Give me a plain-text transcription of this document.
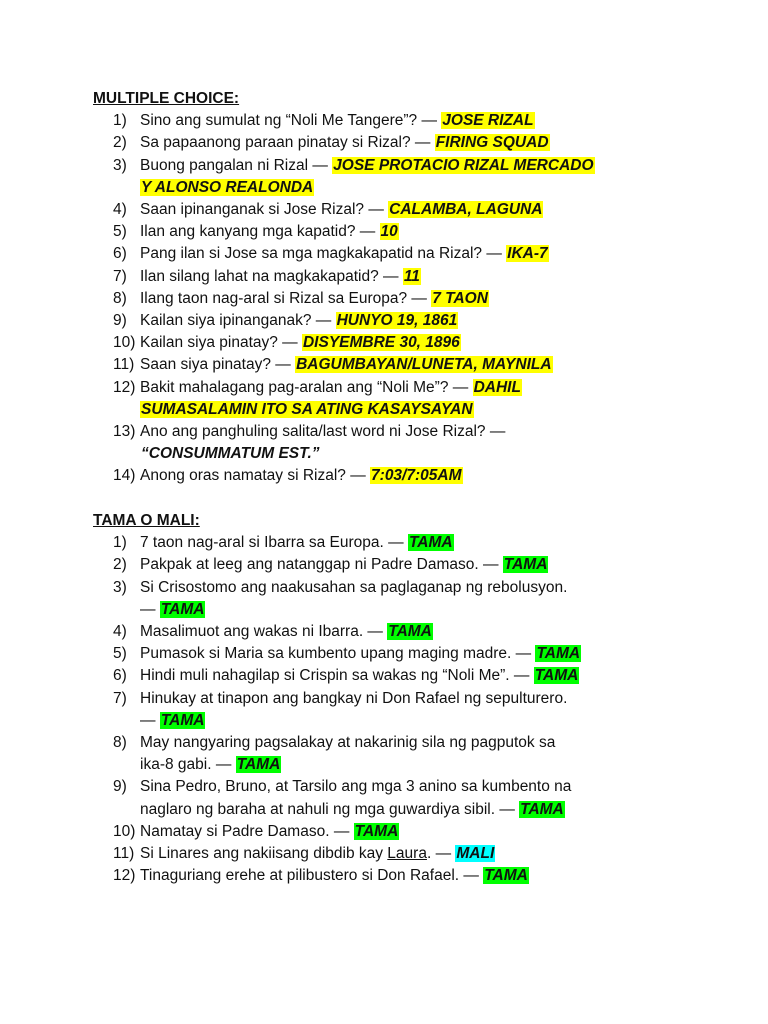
MULTIPLE CHOICE:
1) Sino ang sumulat ng “Noli Me Tangere”? — JOSE RIZAL
2) Sa papaanong paraan pinatay si Rizal? — FIRING SQUAD
3) Buong pangalan ni Rizal — JOSE PROTACIO RIZAL MERCADO
Y ALONSO REALONDA
4) Saan ipinanganak si Jose Rizal? — CALAMBA, LAGUNA
5) Ilan ang kanyang mga kapatid? — 10
6) Pang ilan si Jose sa mga magkakapatid na Rizal? — IKA-7
7) Ilan silang lahat na magkakapatid? — 11
8) Ilang taon nag-aral si Rizal sa Europa? — 7 TAON
9) Kailan siya ipinanganak? — HUNYO 19, 1861
10) Kailan siya pinatay? — DISYEMBRE 30, 1896
11) Saan siya pinatay? — BAGUMBAYAN/LUNETA, MAYNILA
12) Bakit mahalagang pag-aralan ang “Noli Me”? — DAHIL
SUMASALAMIN ITO SA ATING KASAYSAYAN
13) Ano ang panghuling salita/last word ni Jose Rizal? —
“CONSUMMATUM EST.”
14) Anong oras namatay si Rizal? — 7:03/7:05AM
TAMA O MALI:
1) 7 taon nag-aral si Ibarra sa Europa. — TAMA
2) Pakpak at leeg ang natanggap ni Padre Damaso. — TAMA
3) Si Crisostomo ang naakusahan sa paglaganap ng rebolusyon.
— TAMA
4) Masalimuot ang wakas ni Ibarra. — TAMA
5) Pumasok si Maria sa kumbento upang maging madre. — TAMA
6) Hindi muli nahagilap si Crispin sa wakas ng “Noli Me”. — TAMA
7) Hinukay at tinapon ang bangkay ni Don Rafael ng sepulturero.
— TAMA
8) May nangyaring pagsalakay at nakarinig sila ng pagputok sa
ika-8 gabi. — TAMA
9) Sina Pedro, Bruno, at Tarsilo ang mga 3 anino sa kumbento na
naglaro ng baraha at nahuli ng mga guwardiya sibil. — TAMA
10) Namatay si Padre Damaso. — TAMA
11) Si Linares ang nakiisang dibdib kay Laura. — MALI
12) Tinaguriang erehe at pilibustero si Don Rafael. — TAMA
